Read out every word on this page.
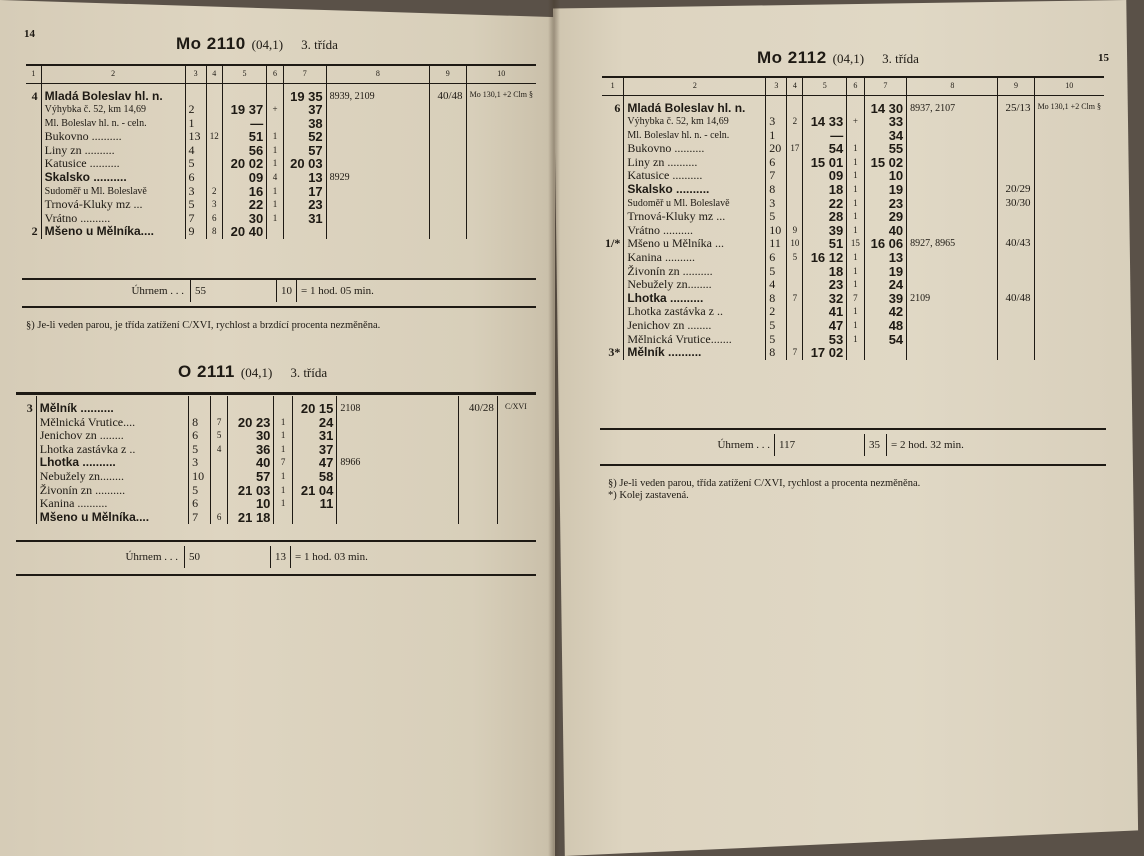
14	Mo 2110 (04,1) 3. třída
1	2	3	4	5	6	7	8	9	10
4	Mladá Boleslav hl. n.					19 35	8939, 2109	40/48	Mo 130,1 +2 Clm §
	Výhybka č. 52, km 14,69	2		19 37	+	37			
	Ml. Boleslav hl. n. - celn.	1		—		38			
	Bukovno ..........	13	12	51	1	52			
	Liny zn ..........	4		56	1	57			
	Katusice ..........	5		20 02	1	20 03			
	Skalsko ..........	6		09	4	13	8929		
	Sudoměř u Ml. Boleslavě	3	2	16	1	17			
	Trnová-Kluky mz ...	5	3	22	1	23			
	Vrátno ..........	7	6	30	1	31			
2	Mšeno u Mělníka....	9	8	20 40					
Úhrnem . . .	55	10 = 1 hod. 05 min.
§) Je-li veden parou, je třída zatížení C/XVI, rychlost a brzdící procenta nezměněna.
O 2111 (04,1) 3. třída
3	Mělník ..........					20 15	2108	40/28	C/XVI
	Mělnická Vrutice....	8	7	20 23	1	24			
	Jenichov zn ........	6	5	30	1	31			
	Lhotka zastávka z ..	5	4	36	1	37			
	Lhotka ..........	3		40	7	47	8966		
	Nebužely zn........	10		57	1	58			
	Živonín zn ..........	5		21 03	1	21 04			
	Kanina ..........	6		10	1	11			
	Mšeno u Mělníka....	7	6	21 18					
Úhrnem . . .	50	13 = 1 hod. 03 min.
15
Mo 2112 (04,1) 3. třída
1	2	3	4	5	6	7	8	9	10
6	Mladá Boleslav hl. n.					14 30	8937, 2107	25/13	Mo 130,1 +2 Clm §
	Výhybka č. 52, km 14,69	3	2	14 33	+	33			
	Ml. Boleslav hl. n. - celn.	1		—		34			
	Bukovno ..........	20	17	54	1	55			
	Liny zn ..........	6		15 01	1	15 02			
	Katusice ..........	7		09	1	10			
	Skalsko ..........	8		18	1	19		20/29	
	Sudoměř u Ml. Boleslavě	3		22	1	23		30/30	
	Trnová-Kluky mz ...	5		28	1	29			
	Vrátno ..........	10	9	39	1	40			
1/*	Mšeno u Mělníka ...	11	10	51	15	16 06	8927, 8965	40/43	
	Kanina ..........	6	5	16 12	1	13			
	Živonín zn ..........	5		18	1	19			
	Nebužely zn........	4		23	1	24			
	Lhotka ..........	8	7	32	7	39	2109	40/48	
	Lhotka zastávka z ..	2		41	1	42			
	Jenichov zn ........	5		47	1	48			
	Mělnická Vrutice.......	5		53	1	54			
3*	Mělník ..........	8	7	17 02					
Úhrnem . . . 117	35	= 2 hod. 32 min.
§) Je-li veden parou, třída zatížení C/XVI, rychlost a procenta nezměněna.
*) Kolej zastavená.
